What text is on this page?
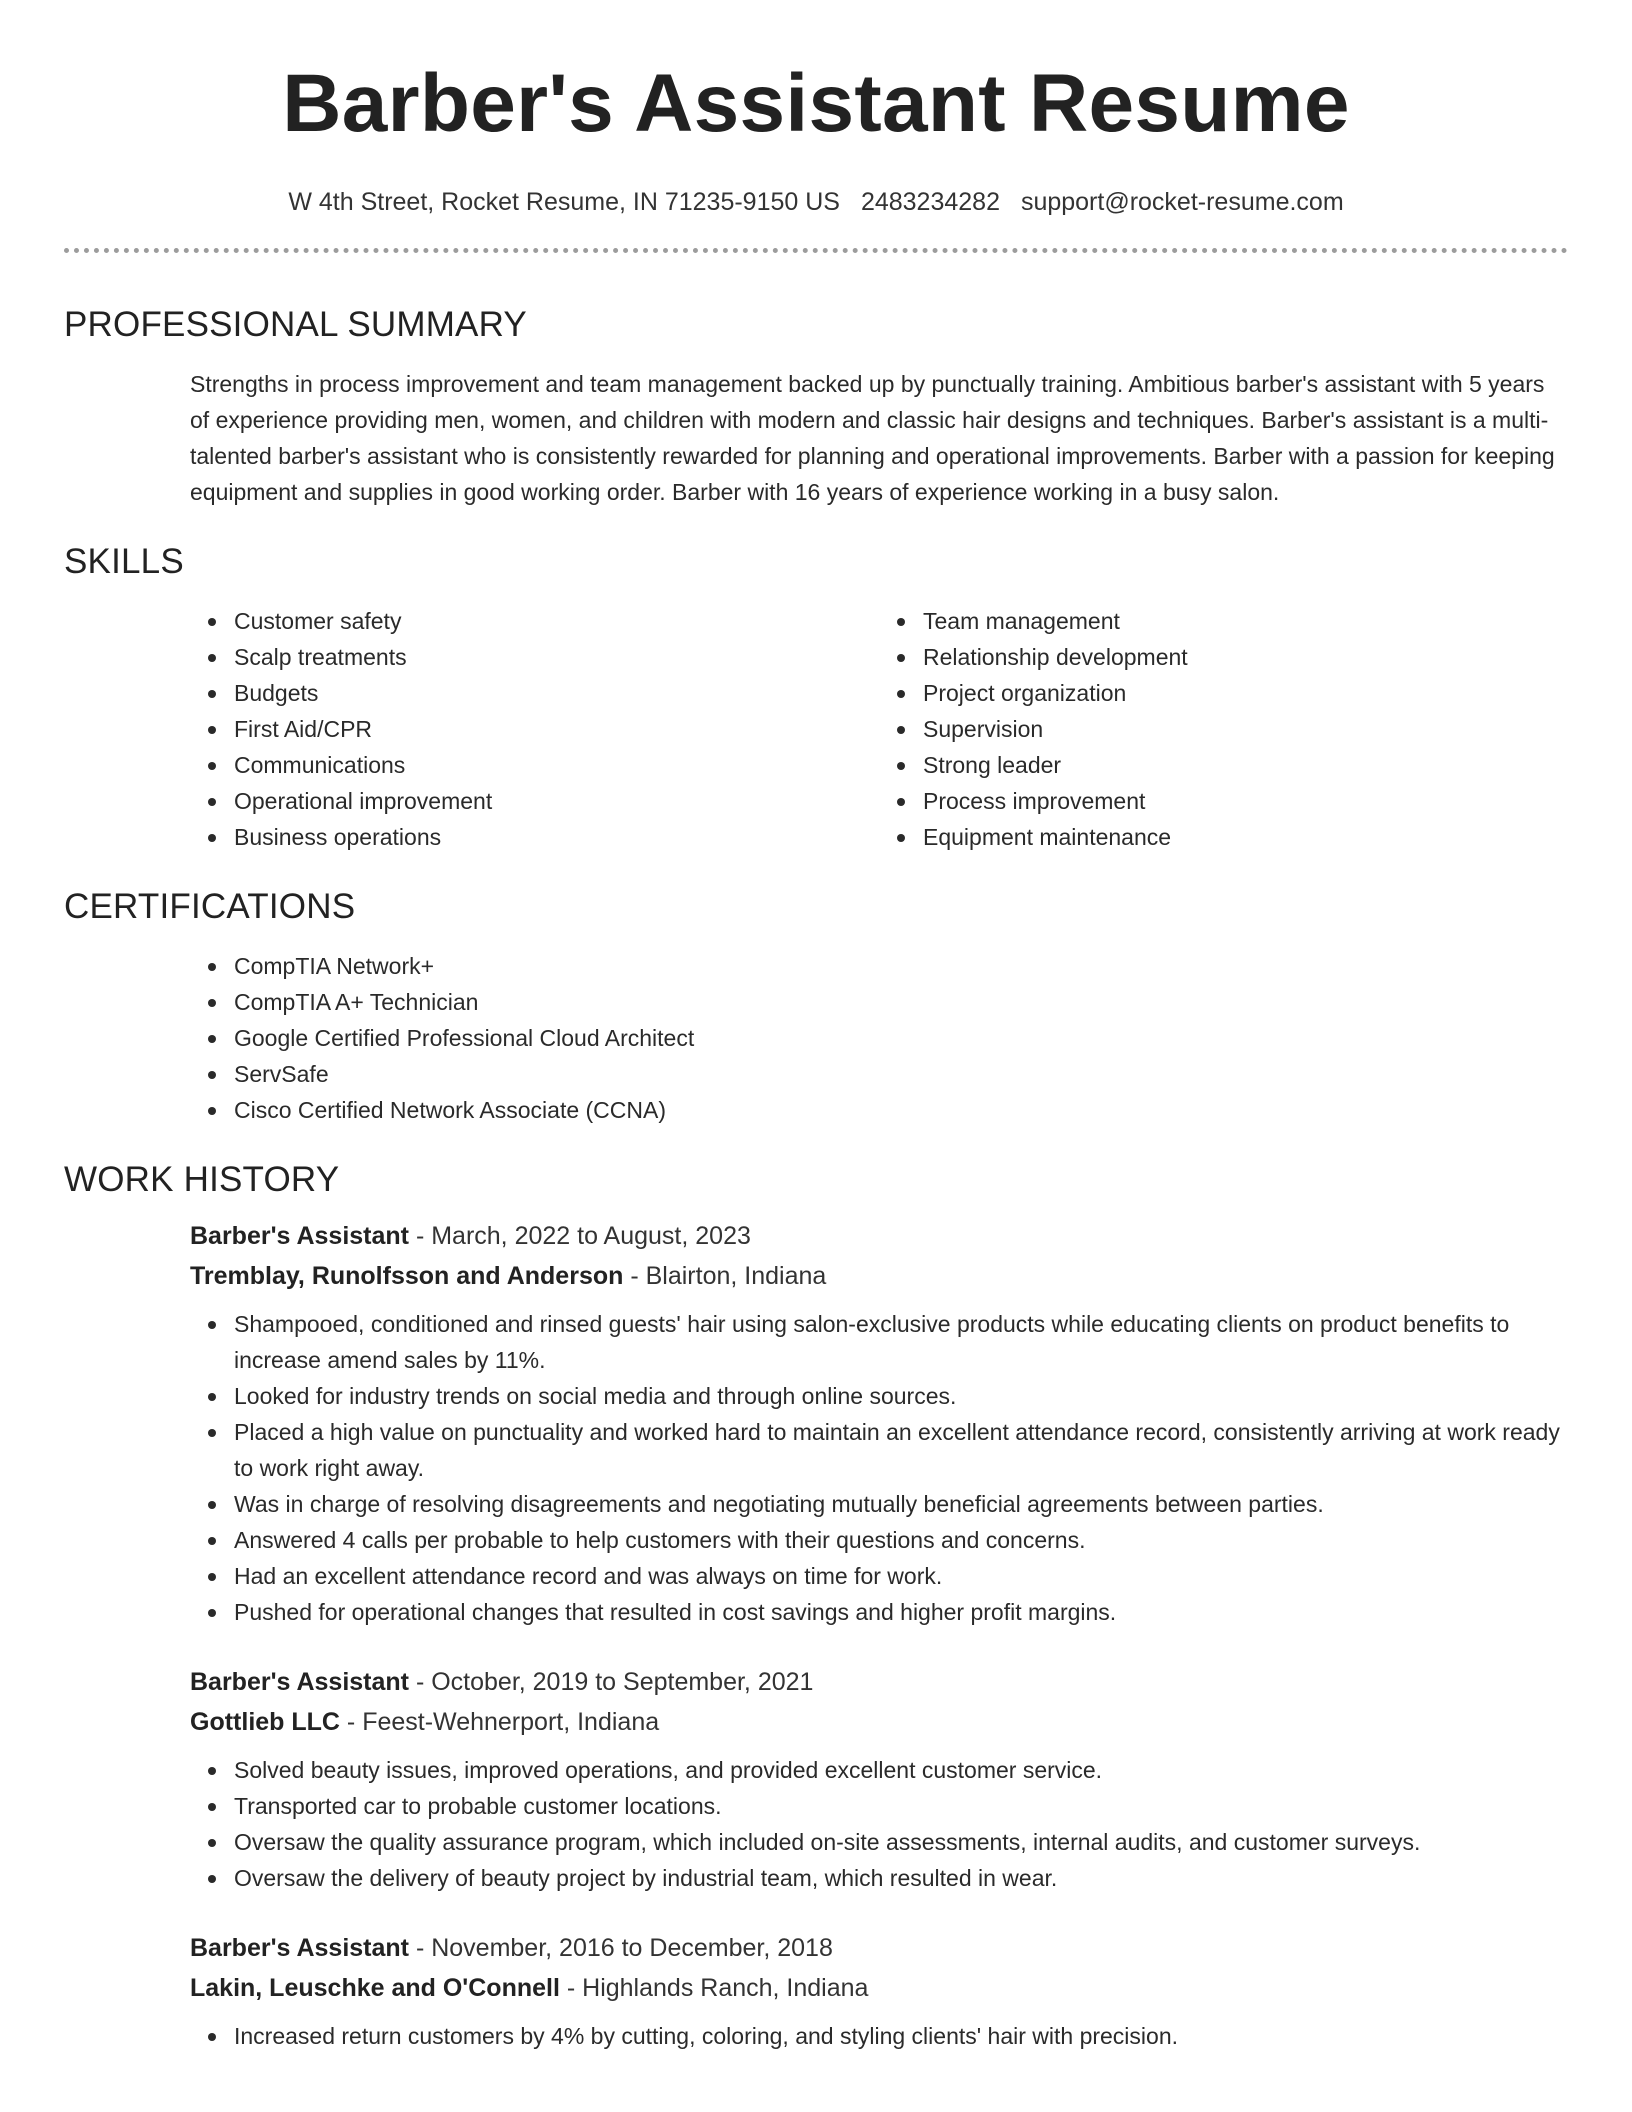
Barber's Assistant Resume
W 4th Street, Rocket Resume, IN 71235-9150 US 2483234282 support@rocket-resume.com
PROFESSIONAL SUMMARY

Strengths in process improvement and team management backed up by punctually training. Ambitious barber's assistant with 5 years of experience providing men, women, and children with modern and classic hair designs and techniques. Barber's assistant is a multi-talented barber's assistant who is consistently rewarded for planning and operational improvements. Barber with a passion for keeping equipment and supplies in good working order. Barber with 16 years of experience working in a busy salon.

SKILLS
Customer safety
Scalp treatments
Budgets
First Aid/CPR
Communications
Operational improvement
Business operations
Team management
Relationship development
Project organization
Supervision
Strong leader
Process improvement
Equipment maintenance
CERTIFICATIONS
CompTIA Network+
CompTIA A+ Technician
Google Certified Professional Cloud Architect
ServSafe
Cisco Certified Network Associate (CCNA)
WORK HISTORY
Barber's Assistant - March, 2022 to August, 2023
Tremblay, Runolfsson and Anderson - Blairton, Indiana
Shampooed, conditioned and rinsed guests' hair using salon-exclusive products while educating clients on product benefits to increase amend sales by 11%.
Looked for industry trends on social media and through online sources.
Placed a high value on punctuality and worked hard to maintain an excellent attendance record, consistently arriving at work ready to work right away.
Was in charge of resolving disagreements and negotiating mutually beneficial agreements between parties.
Answered 4 calls per probable to help customers with their questions and concerns.
Had an excellent attendance record and was always on time for work.
Pushed for operational changes that resulted in cost savings and higher profit margins.
Barber's Assistant - October, 2019 to September, 2021
Gottlieb LLC - Feest-Wehnerport, Indiana
Solved beauty issues, improved operations, and provided excellent customer service.
Transported car to probable customer locations.
Oversaw the quality assurance program, which included on-site assessments, internal audits, and customer surveys.
Oversaw the delivery of beauty project by industrial team, which resulted in wear.
Barber's Assistant - November, 2016 to December, 2018
Lakin, Leuschke and O'Connell - Highlands Ranch, Indiana
Increased return customers by 4% by cutting, coloring, and styling clients' hair with precision.
